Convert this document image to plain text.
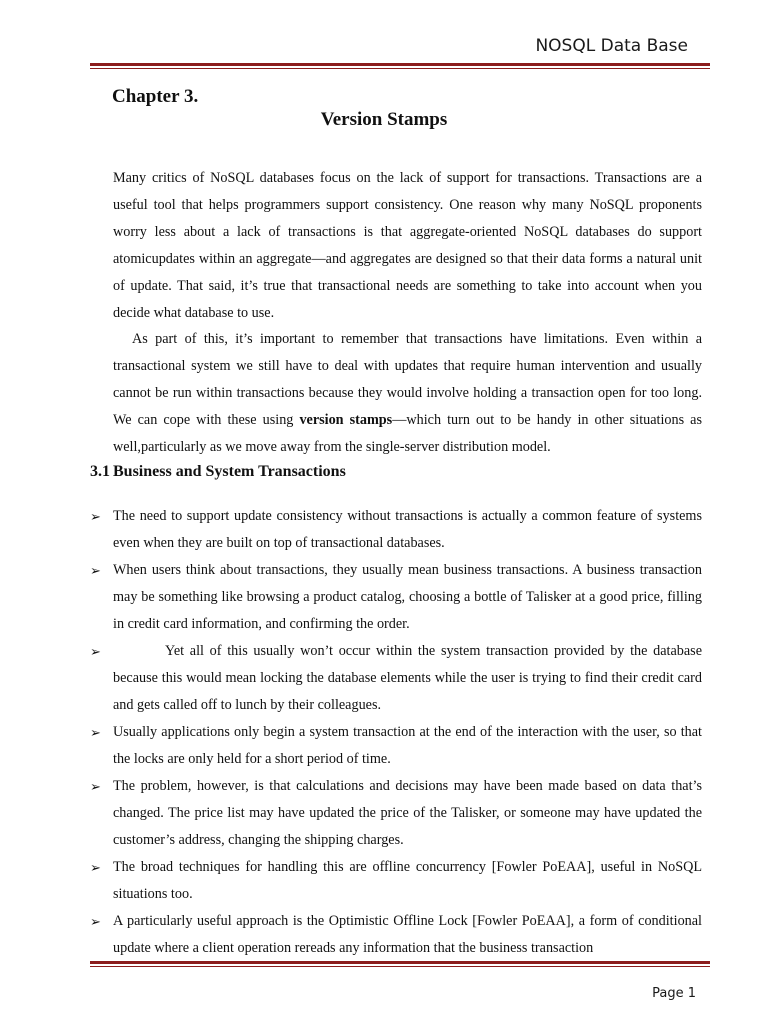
NOSQL Data Base
Chapter 3.
Version Stamps

Many critics of NoSQL databases focus on the lack of support for transactions. Transactions are a useful tool that helps programmers support consistency. One reason why many NoSQL proponents worry less about a lack of transactions is that aggregate-oriented NoSQL databases do support atomicupdates within an aggregate—and aggregates are designed so that their data forms a natural unit of update. That said, it’s true that transactional needs are something to take into account when you decide what database to use.

As part of this, it’s important to remember that transactions have limitations. Even within a transactional system we still have to deal with updates that require human intervention and usually cannot be run within transactions because they would involve holding a transaction open for too long. We can cope with these using version stamps—which turn out to be handy in other situations as well,particularly as we move away from the single-server distribution model.

3.1 Business and System Transactions
➢ The need to support update consistency without transactions is actually a common feature of systems even when they are built on top of transactional databases.

➢ When users think about transactions, they usually mean business transactions. A business transaction may be something like browsing a product catalog, choosing a bottle of Talisker at a good price, filling in credit card information, and confirming the order.

➢	Yet all of this usually won’t occur within the system transaction provided by the database because this would mean locking the database elements while the user is trying to find their credit card and gets called off to lunch by their colleagues.

➢ Usually applications only begin a system transaction at the end of the interaction with the user, so that the locks are only held for a short period of time.

➢ The problem, however, is that calculations and decisions may have been made based on data that’s changed. The price list may have updated the price of the Talisker, or someone may have updated the customer’s address, changing the shipping charges.

➢ The broad techniques for handling this are offline concurrency [Fowler PoEAA], useful in NoSQL situations too.

➢ A particularly useful approach is the Optimistic Offline Lock [Fowler PoEAA], a form of conditional update where a client operation rereads any information that the business transaction

Page 1
